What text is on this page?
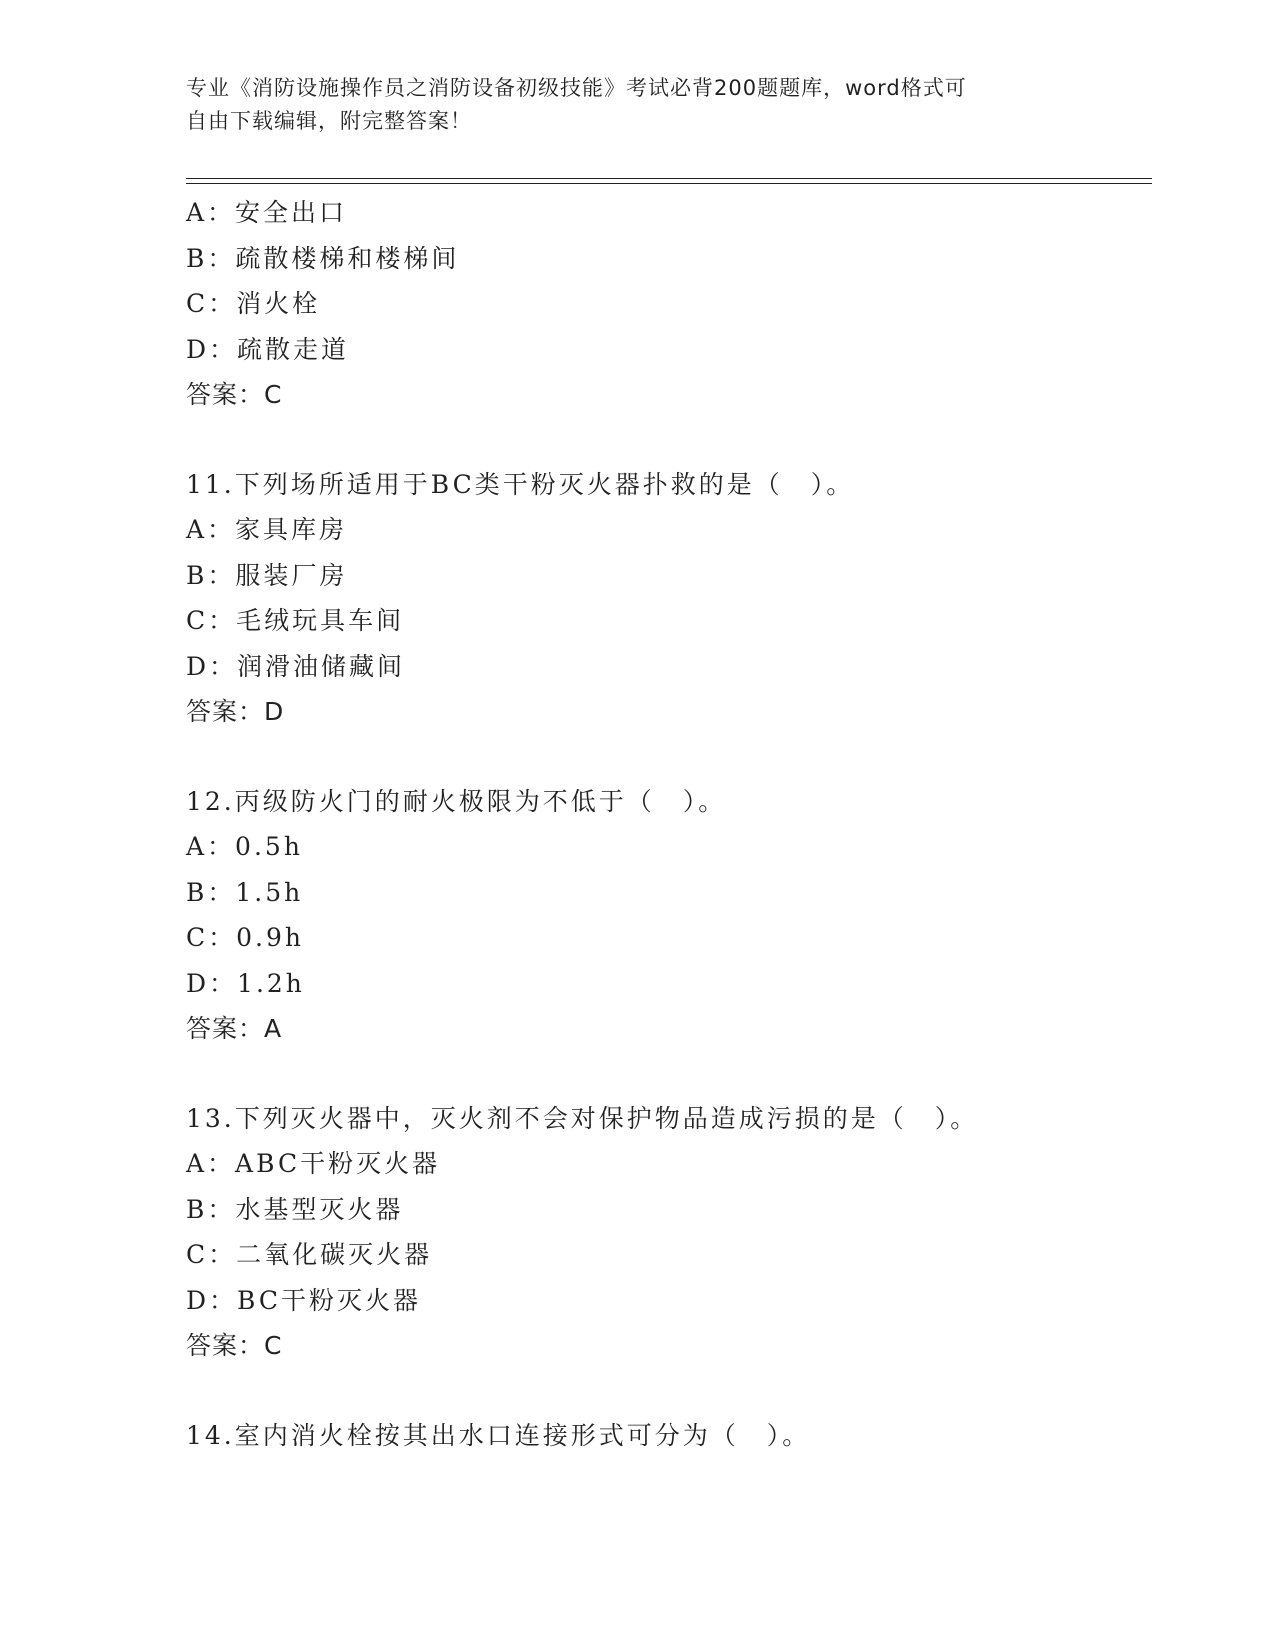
专业《消防设施操作员之消防设备初级技能》考试必背200题题库，word格式可
自由下载编辑，附完整答案！
A：安全出口
B：疏散楼梯和楼梯间
C：消火栓
D：疏散走道
答案：C
11.下列场所适用于BC类干粉灭火器扑救的是（　）。
A：家具库房
B：服装厂房
C：毛绒玩具车间
D：润滑油储藏间
答案：D
12.丙级防火门的耐火极限为不低于（　）。
A：0.5h
B：1.5h
C：0.9h
D：1.2h
答案：A
13.下列灭火器中，灭火剂不会对保护物品造成污损的是（　）。
A：ABC干粉灭火器
B：水基型灭火器
C：二氧化碳灭火器
D：BC干粉灭火器
答案：C
14.室内消火栓按其出水口连接形式可分为（　）。
